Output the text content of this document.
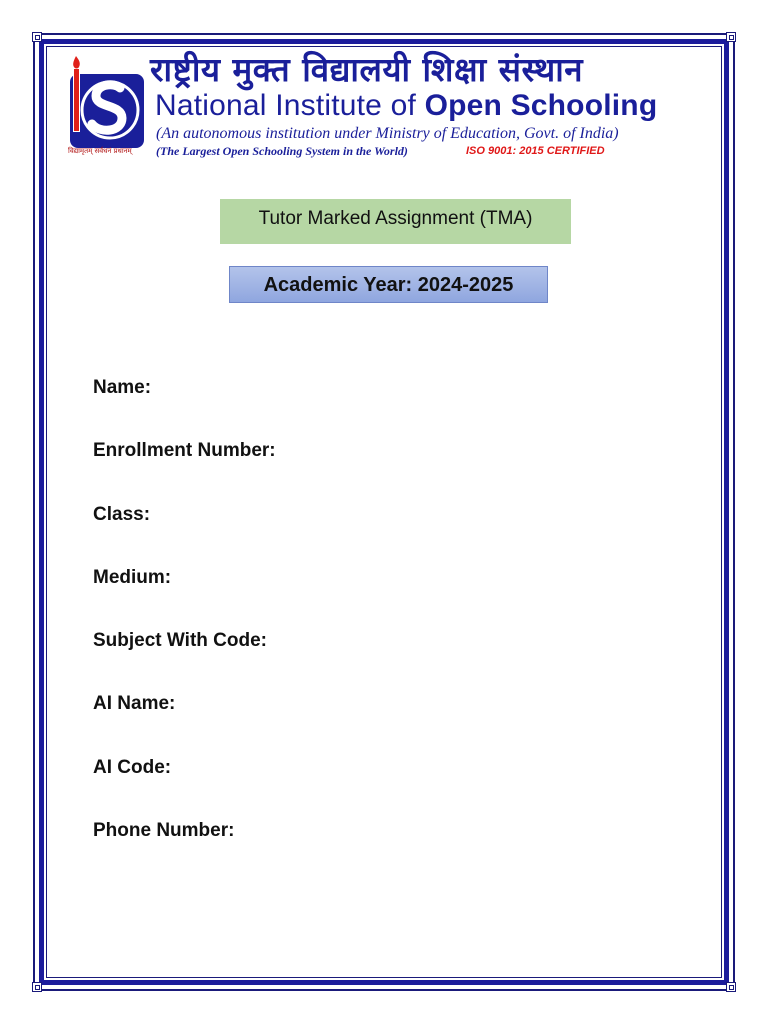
विद्यामृतम् सर्वधनं प्रधानम्
राष्ट्रीय मुक्त विद्यालयी शिक्षा संस्थान
National Institute of Open Schooling
(An autonomous institution under Ministry of Education, Govt. of India)
(The Largest Open Schooling System in the World)	ISO 9001: 2015 CERTIFIED
Tutor Marked Assignment (TMA)
Academic Year: 2024-2025
Name:
Enrollment Number:
Class:
Medium:
Subject With Code:
AI Name:
AI Code:
Phone Number:
